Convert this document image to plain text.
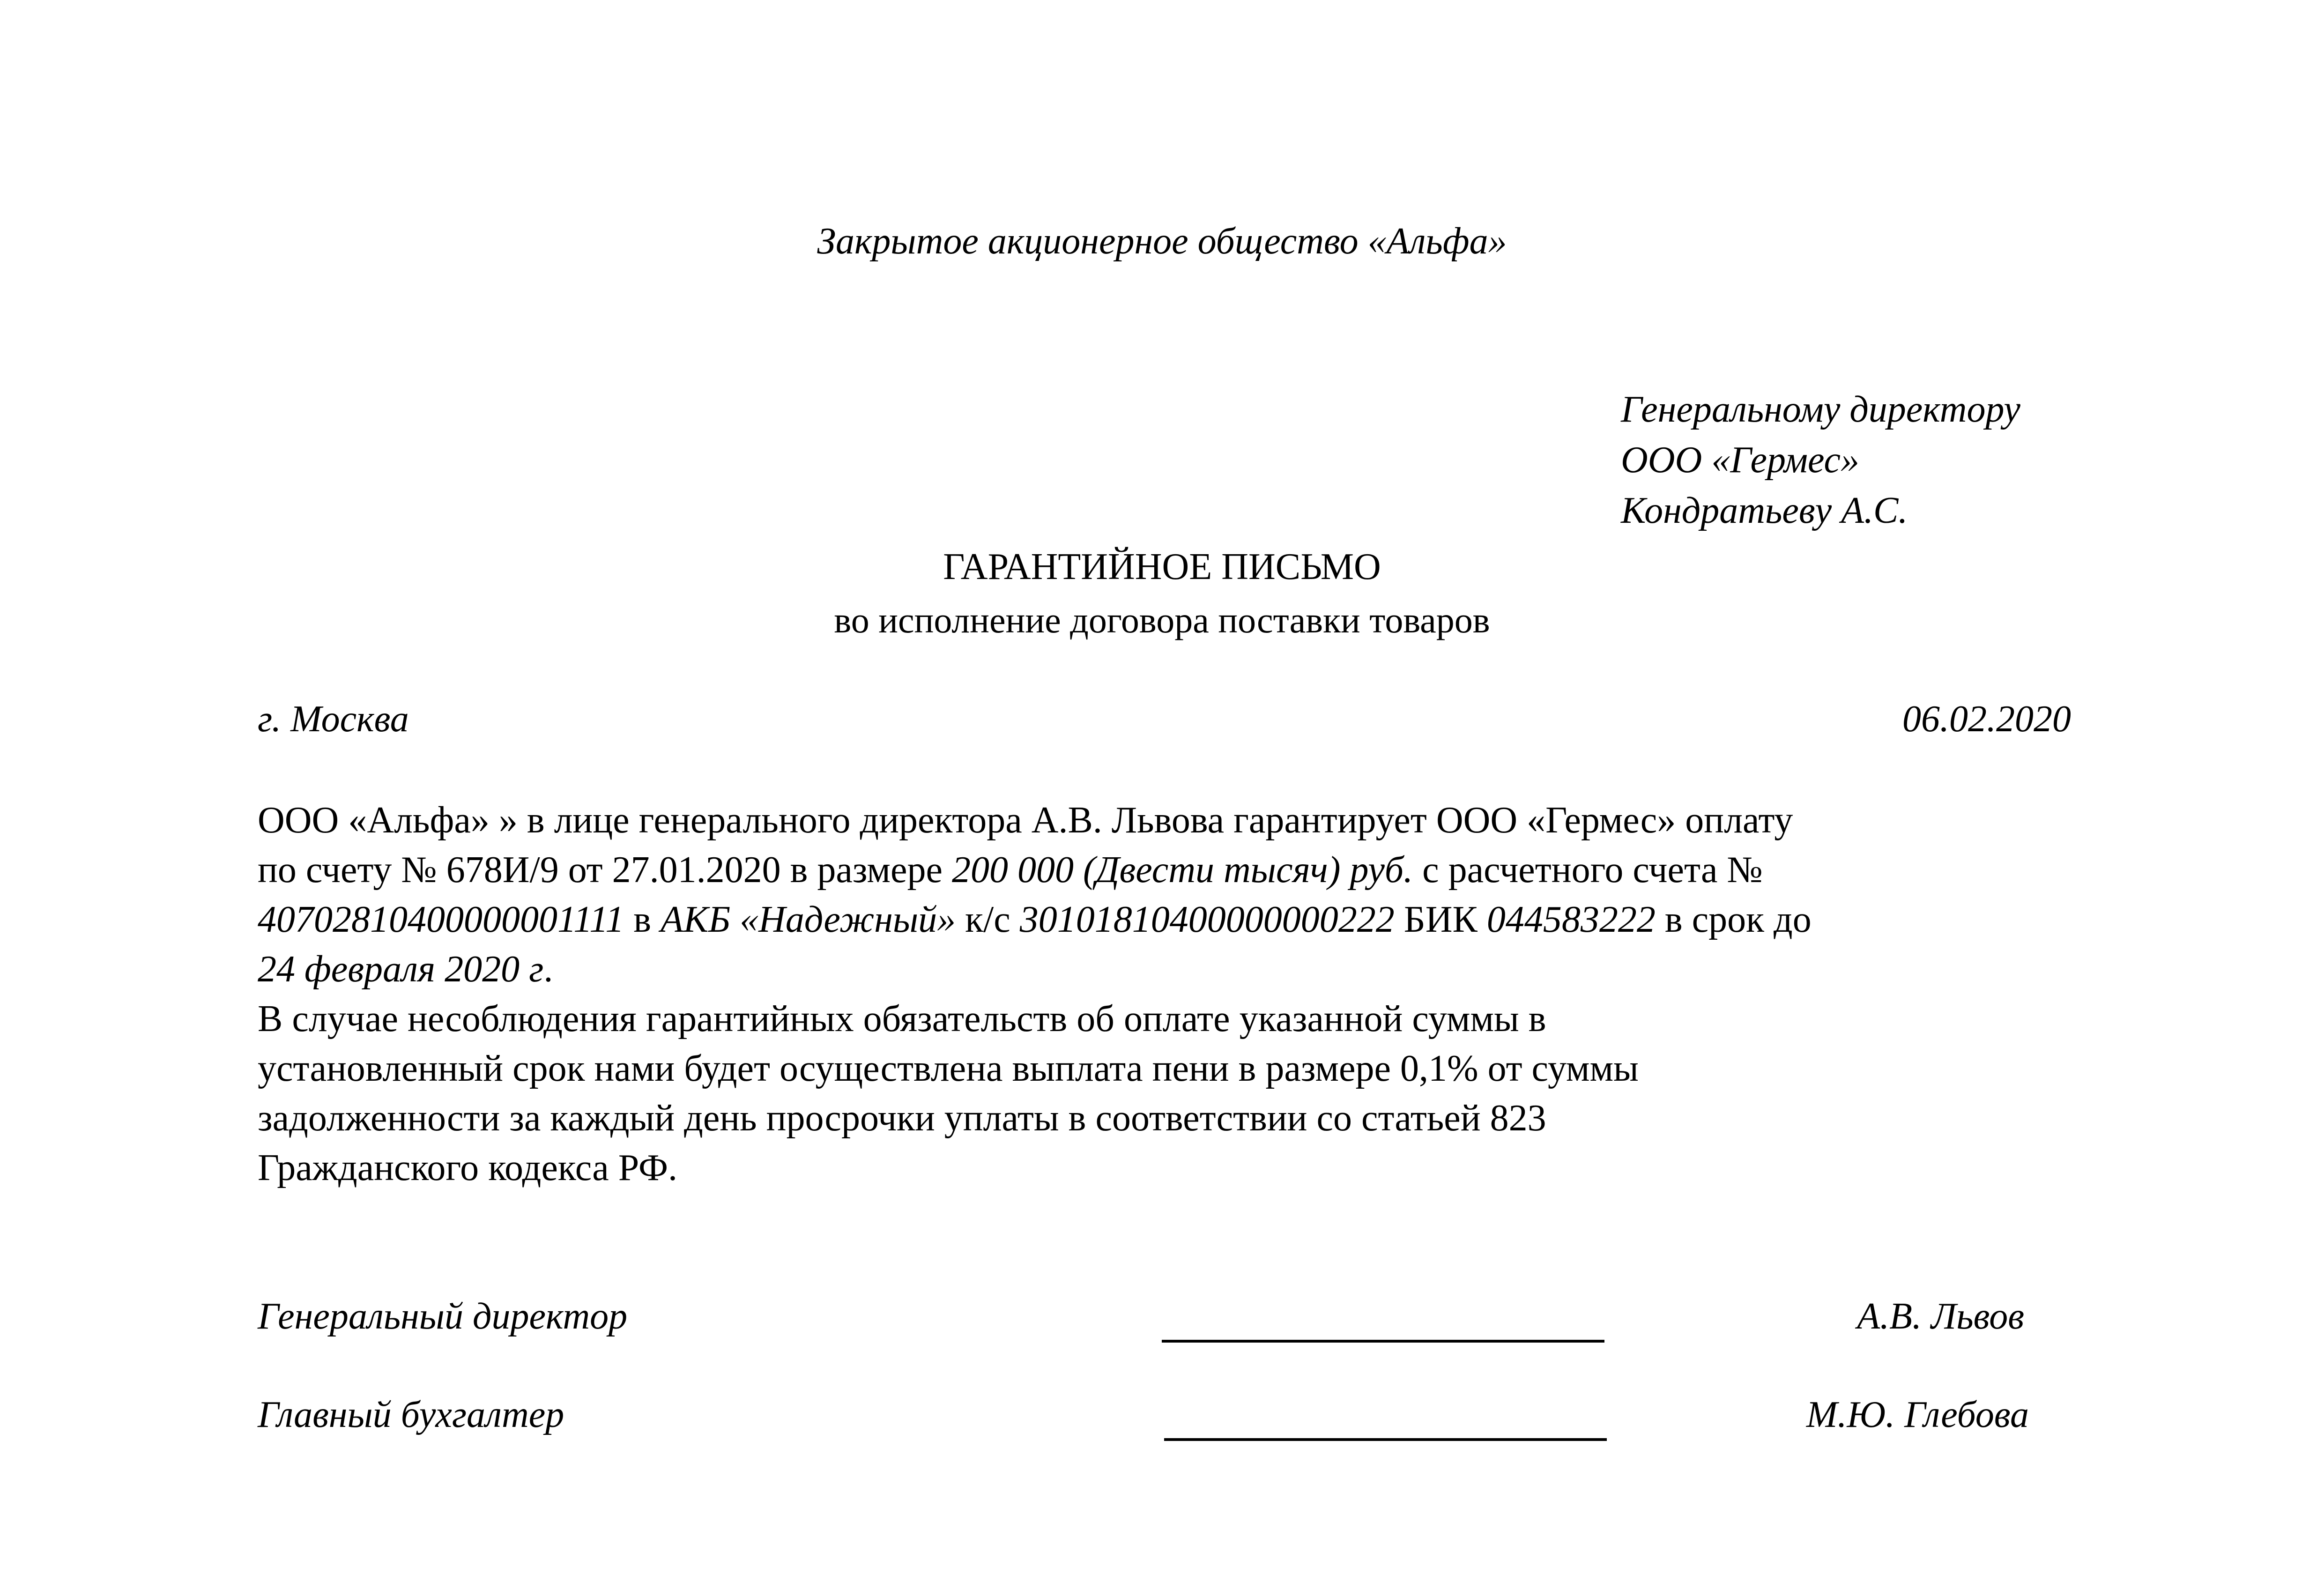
Закрытое акционерное общество «Альфа»
Генеральному директору
ООО «Гермес»
Кондратьеву А.С.
ГАРАНТИЙНОЕ ПИСЬМО
во исполнение договора поставки товаров
г. Москва	06.02.2020
ООО «Альфа» » в лице генерального директора А.В. Львова гарантирует ООО «Гермес» оплату
по счету № 678И/9 от 27.01.2020 в размере 200 000 (Двести тысяч) руб. с расчетного счета №
40702810400000001111 в АКБ «Надежный» к/с 30101810400000000222 БИК 044583222 в срок до
24 февраля 2020 г.
В случае несоблюдения гарантийных обязательств об оплате указанной суммы в
установленный срок нами будет осуществлена выплата пени в размере 0,1% от суммы
задолженности за каждый день просрочки уплаты в соответствии со статьей 823
Гражданского кодекса РФ.
Генеральный директор	А.В. Львов
Главный бухгалтер	М.Ю. Глебова
